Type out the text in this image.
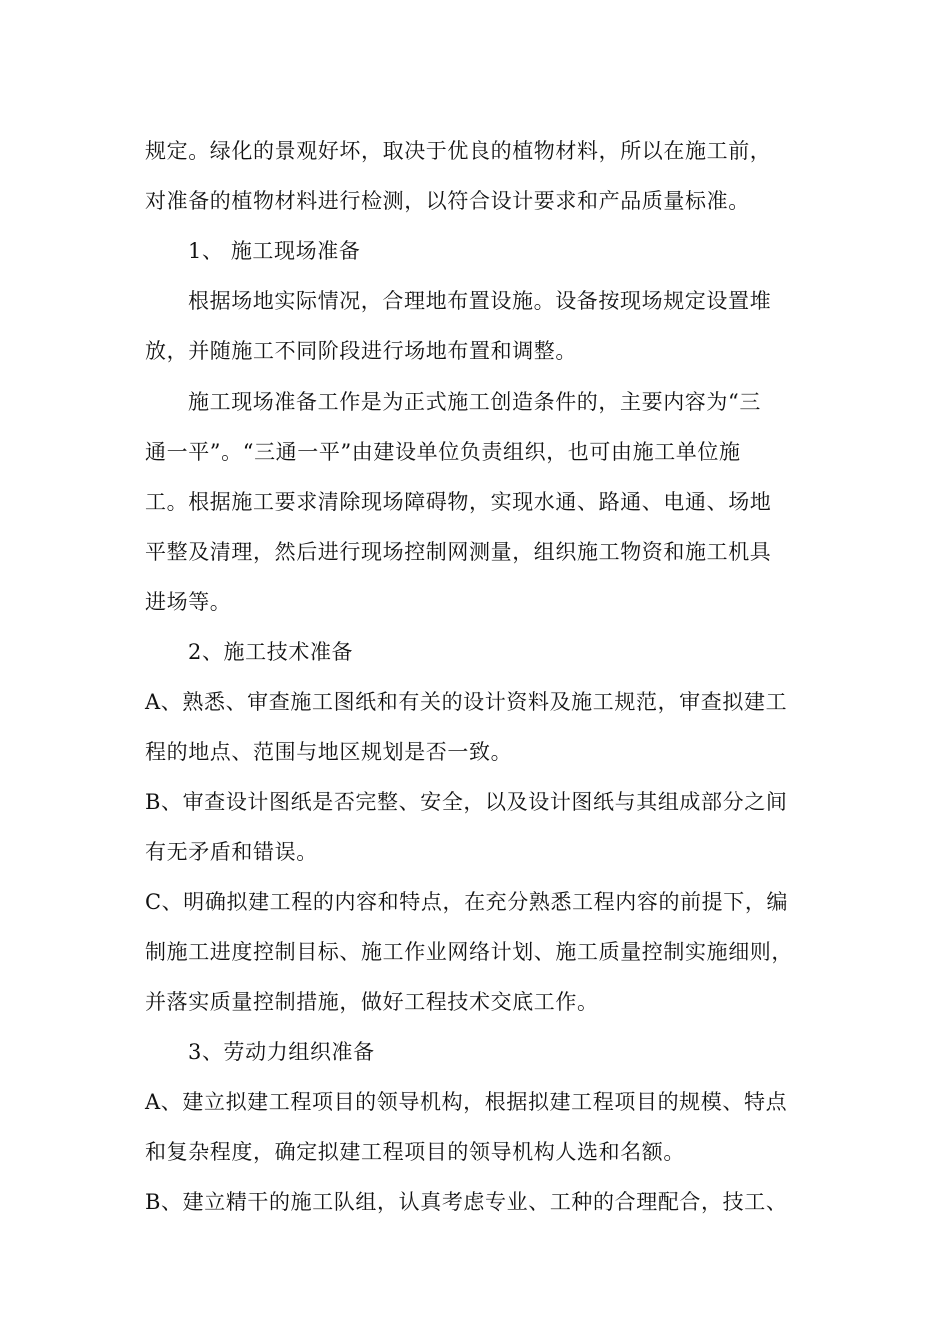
规定。绿化的景观好坏，取决于优良的植物材料，所以在施工前，
对准备的植物材料进行检测，以符合设计要求和产品质量标准。
1、 施工现场准备
根据场地实际情况，合理地布置设施。设备按现场规定设置堆
放，并随施工不同阶段进行场地布置和调整。
施工现场准备工作是为正式施工创造条件的，主要内容为“三
通一平”。“三通一平”由建设单位负责组织，也可由施工单位施
工。根据施工要求清除现场障碍物，实现水通、路通、电通、场地
平整及清理，然后进行现场控制网测量，组织施工物资和施工机具
进场等。
2、施工技术准备
A、熟悉、审查施工图纸和有关的设计资料及施工规范，审查拟建工
程的地点、范围与地区规划是否一致。
B、审查设计图纸是否完整、安全，以及设计图纸与其组成部分之间
有无矛盾和错误。
C、明确拟建工程的内容和特点，在充分熟悉工程内容的前提下，编
制施工进度控制目标、施工作业网络计划、施工质量控制实施细则，
并落实质量控制措施，做好工程技术交底工作。
3、劳动力组织准备
A、建立拟建工程项目的领导机构，根据拟建工程项目的规模、特点
和复杂程度，确定拟建工程项目的领导机构人选和名额。
B、建立精干的施工队组，认真考虑专业、工种的合理配合，技工、
